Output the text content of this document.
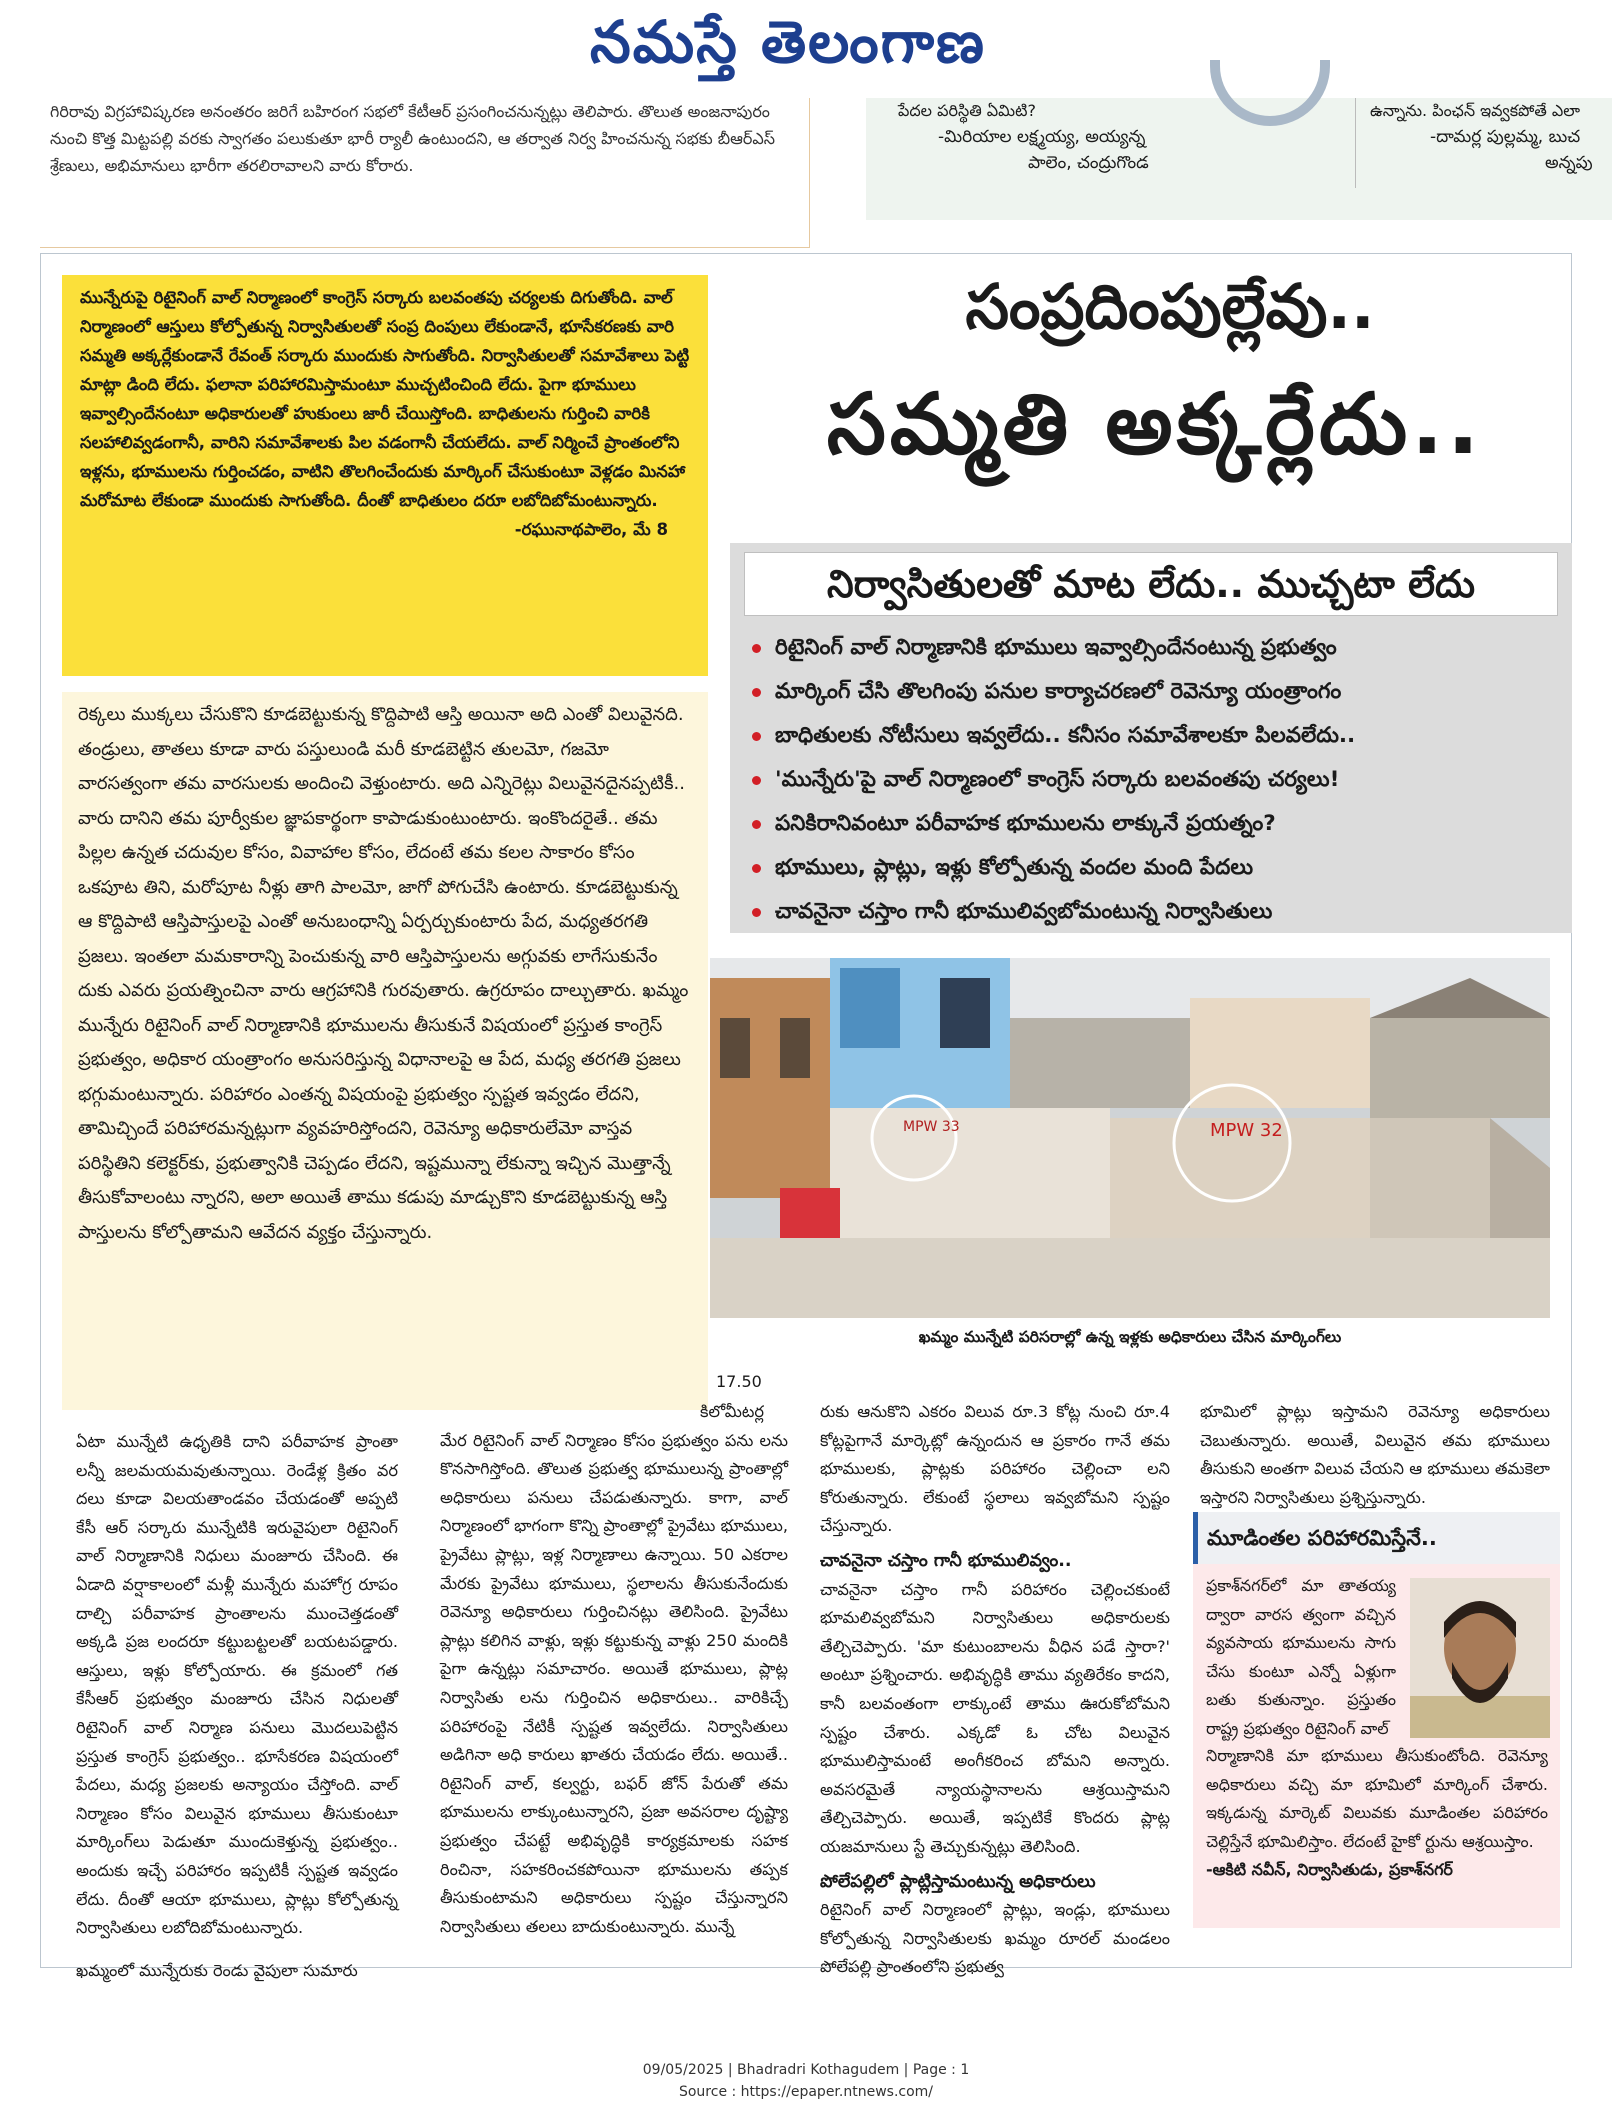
నమస్తే తెలంగాణ
గిరిరావు విగ్రహావిష్కరణ అనంతరం జరిగే బహిరంగ సభలో కేటీఆర్ ప్రసంగించనున్నట్లు తెలిపారు. తొలుత అంజనాపురం నుంచి కొత్త మిట్టపల్లి వరకు స్వాగతం పలుకుతూ భారీ ర్యాలీ ఉంటుందని, ఆ తర్వాత నిర్వ హించనున్న సభకు బీఆర్ఎస్ శ్రేణులు, అభిమానులు భారీగా తరలిరావాలని వారు కోరారు.
పేదల పరిస్థితి ఏమిటి?
-మిరియాల లక్ష్మయ్య, అయ్యన్న
పాలెం, చంద్రుగొండ
ఉన్నాను. పింఛన్ ఇవ్వకపోతే ఎలా
-దామర్ల పుల్లమ్మ, బుచ
అన్నపు

మున్నేరుపై రిటైనింగ్ వాల్ నిర్మాణంలో కాంగ్రెస్ సర్కారు బలవంతపు చర్యలకు దిగుతోంది. వాల్ నిర్మాణంలో ఆస్తులు కోల్పోతున్న నిర్వాసితులతో సంప్ర దింపులు లేకుండానే, భూసేకరణకు వారి సమ్మతి అక్కర్లేకుండానే రేవంత్ సర్కారు ముందుకు సాగుతోంది. నిర్వాసితులతో సమావేశాలు పెట్టి మాట్లా డింది లేదు. ఫలానా పరిహారమిస్తామంటూ ముచ్చటించింది లేదు. పైగా భూములు ఇవ్వాల్సిందేనంటూ అధికారులతో హుకుంలు జారీ చేయిస్తోంది. బాధితులను గుర్తించి వారికి సలహాలివ్వడంగానీ, వారిని సమావేశాలకు పిల వడంగానీ చేయలేదు. వాల్ నిర్మించే ప్రాంతంలోని ఇళ్లను, భూములను గుర్తించడం, వాటిని తొలగించేందుకు మార్కింగ్ చేసుకుంటూ వెళ్లడం మినహా మరోమాట లేకుండా ముందుకు సాగుతోంది. దీంతో బాధితులం దరూ లబోదిబోమంటున్నారు.

-రఘునాథపాలెం, మే 8

సంప్రదింపుల్లేవు..
సమ్మతి అక్కర్లేదు..
నిర్వాసితులతో మాట లేదు.. ముచ్చటా లేదు
రిటైనింగ్ వాల్ నిర్మాణానికి భూములు ఇవ్వాల్సిందేనంటున్న ప్రభుత్వం
మార్కింగ్ చేసి తొలగింపు పనుల కార్యాచరణలో రెవెన్యూ యంత్రాంగం
బాధితులకు నోటీసులు ఇవ్వలేదు.. కనీసం సమావేశాలకూ పిలవలేదు..
'మున్నేరు'పై వాల్ నిర్మాణంలో కాంగ్రెస్ సర్కారు బలవంతపు చర్యలు!
పనికిరానివంటూ పరీవాహక భూములను లాక్కునే ప్రయత్నం?
భూములు, ప్లాట్లు, ఇళ్లు కోల్పోతున్న వందల మంది పేదలు
చావనైనా చస్తాం గానీ భూములివ్వబోమంటున్న నిర్వాసితులు

రెక్కలు ముక్కలు చేసుకొని కూడబెట్టుకున్న కొద్దిపాటి ఆస్తి అయినా అది ఎంతో విలువైనది. తండ్రులు, తాతలు కూడా వారు పస్తులుండి మరీ కూడబెట్టిన తులమో, గజమో వారసత్వంగా తమ వారసులకు అందించి వెళ్తుంటారు. అది ఎన్నిరెట్లు విలువైనదైనప్పటికీ.. వారు దానిని తమ పూర్వీకుల జ్ఞాపకార్థంగా కాపాడుకుంటుంటారు. ఇంకొందరైతే.. తమ పిల్లల ఉన్నత చదువుల కోసం, వివాహాల కోసం, లేదంటే తమ కలల సాకారం కోసం ఒకపూట తిని, మరోపూట నీళ్లు తాగి పాలమో, జాగో పోగుచేసి ఉంటారు. కూడబెట్టుకున్న ఆ కొద్దిపాటి ఆస్తిపాస్తులపై ఎంతో అనుబంధాన్ని ఏర్పర్చుకుంటారు పేద, మధ్యతరగతి ప్రజలు. ఇంతలా మమకారాన్ని పెంచుకున్న వారి ఆస్తిపాస్తులను అగ్గువకు లాగేసుకునేం దుకు ఎవరు ప్రయత్నించినా వారు ఆగ్రహానికి గురవుతారు. ఉగ్రరూపం దాల్చుతారు. ఖమ్మం మున్నేరు రిటైనింగ్ వాల్ నిర్మాణానికి భూములను తీసుకునే విషయంలో ప్రస్తుత కాంగ్రెస్ ప్రభుత్వం, అధికార యంత్రాంగం అనుసరిస్తున్న విధానాలపై ఆ పేద, మధ్య తరగతి ప్రజలు భగ్గుమంటున్నారు. పరిహారం ఎంతన్న విషయంపై ప్రభుత్వం స్పష్టత ఇవ్వడం లేదని, తామిచ్చిందే పరిహారమన్నట్లుగా వ్యవహరిస్తోందని, రెవెన్యూ అధికారులేమో వాస్తవ పరిస్థితిని కలెక్టర్‌కు, ప్రభుత్వానికి చెప్పడం లేదని, ఇష్టమున్నా లేకున్నా ఇచ్చిన మొత్తాన్నే తీసుకోవాలంటు న్నారని, అలా అయితే తాము కడుపు మాడ్చుకొని కూడబెట్టుకున్న ఆస్తి పాస్తులను కోల్పోతామని ఆవేదన వ్యక్తం చేస్తున్నారు.

MPW 33	MPW 32
ఖమ్మం మున్నేటి పరిసరాల్లో ఉన్న ఇళ్లకు అధికారులు చేసిన మార్కింగ్‌లు
17.50

ఏటా మున్నేటి ఉధృతికి దాని పరీవాహక ప్రాంతా లన్నీ జలమయమవుతున్నాయి. రెండేళ్ల క్రితం వర దలు కూడా విలయతాండవం చేయడంతో అప్పటి కేసీ ఆర్ సర్కారు మున్నేటికి ఇరువైపులా రిటైనింగ్ వాల్ నిర్మాణానికి నిధులు మంజూరు చేసింది. ఈ ఏడాది వర్షాకాలంలో మళ్లీ మున్నేరు మహోగ్ర రూపం దాల్చి పరీవాహక ప్రాంతాలను ముంచెత్తడంతో అక్కడి ప్రజ లందరూ కట్టుబట్టలతో బయటపడ్డారు. ఆస్తులు, ఇళ్లు కోల్పోయారు. ఈ క్రమంలో గత కేసీఆర్ ప్రభుత్వం మంజూరు చేసిన నిధులతో రిటైనింగ్ వాల్ నిర్మాణ పనులు మొదలుపెట్టిన ప్రస్తుత కాంగ్రెస్ ప్రభుత్వం.. భూసేకరణ విషయంలో పేదలు, మధ్య ప్రజలకు అన్యాయం చేస్తోంది. వాల్ నిర్మాణం కోసం విలువైన భూములు తీసుకుంటూ మార్కింగ్‌లు పెడుతూ ముందుకెళ్తున్న ప్రభుత్వం.. అందుకు ఇచ్చే పరిహారం ఇప్పటికీ స్పష్టత ఇవ్వడం లేదు. దీంతో ఆయా భూములు, ప్లాట్లు కోల్పోతున్న నిర్వాసితులు లబోదిబోమంటున్నారు.

ఖమ్మంలో మున్నేరుకు రెండు వైపులా సుమారు

కిలోమీటర్ల

మేర రిటైనింగ్ వాల్ నిర్మాణం కోసం ప్రభుత్వం పను లను కొనసాగిస్తోంది. తొలుత ప్రభుత్వ భూములున్న ప్రాంతాల్లో అధికారులు పనులు చేపడుతున్నారు. కాగా, వాల్ నిర్మాణంలో భాగంగా కొన్ని ప్రాంతాల్లో ప్రైవేటు భూములు, ప్రైవేటు ప్లాట్లు, ఇళ్ల నిర్మాణాలు ఉన్నాయి. 50 ఎకరాల మేరకు ప్రైవేటు భూములు, స్థలాలను తీసుకునేందుకు రెవెన్యూ అధికారులు గుర్తించినట్లు తెలిసింది. ప్రైవేటు ప్లాట్లు కలిగిన వాళ్లు, ఇళ్లు కట్టుకున్న వాళ్లు 250 మందికి పైగా ఉన్నట్లు సమాచారం. అయితే భూములు, ప్లాట్ల నిర్వాసితు లను గుర్తించిన అధికారులు.. వారికిచ్చే పరిహారంపై నేటికీ స్పష్టత ఇవ్వలేదు. నిర్వాసితులు అడిగినా అధి కారులు ఖాతరు చేయడం లేదు. అయితే.. రిటైనింగ్ వాల్, కల్వర్టు, బఫర్ జోన్ పేరుతో తమ భూములను లాక్కుంటున్నారని, ప్రజా అవసరాల దృష్ట్యా ప్రభుత్వం చేపట్టే అభివృద్ధికి కార్యక్రమాలకు సహక రించినా, సహకరించకపోయినా భూములను తప్పక తీసుకుంటామని అధికారులు స్పష్టం చేస్తున్నారని నిర్వాసితులు తలలు బాదుకుంటున్నారు. మున్నే

రుకు ఆనుకొని ఎకరం విలువ రూ.3 కోట్ల నుంచి రూ.4 కోట్లపైగానే మార్కెట్లో ఉన్నందున ఆ ప్రకారం గానే తమ భూములకు, ప్లాట్లకు పరిహారం చెల్లించా లని కోరుతున్నారు. లేకుంటే స్థలాలు ఇవ్వబోమని స్పష్టం చేస్తున్నారు.

చావనైనా చస్తాం గానీ భూములివ్వం..

చావనైనా చస్తాం గానీ పరిహారం చెల్లించకుంటే భూమలివ్వబోమని నిర్వాసితులు అధికారులకు తేల్చిచెప్పారు. 'మా కుటుంబాలను వీధిన పడే స్తారా?' అంటూ ప్రశ్నించారు. అభివృద్ధికి తాము వ్యతిరేకం కాదని, కానీ బలవంతంగా లాక్కుంటే తాము ఊరుకోబోమని స్పష్టం చేశారు. ఎక్కడో ఓ చోట విలువైన భూములిస్తామంటే అంగీకరించ బోమని అన్నారు. అవసరమైతే న్యాయస్థానాలను ఆశ్రయిస్తామని తేల్చిచెప్పారు. అయితే, ఇప్పటికే కొందరు ప్లాట్ల యజమానులు స్టే తెచ్చుకున్నట్లు తెలిసింది.

పోలేపల్లిలో ప్లాట్లిస్తామంటున్న అధికారులు

రిటైనింగ్ వాల్ నిర్మాణంలో ప్లాట్లు, ఇండ్లు, భూములు కోల్పోతున్న నిర్వాసితులకు ఖమ్మం రూరల్ మండలం పోలేపల్లి ప్రాంతంలోని ప్రభుత్వ

భూమిలో ప్లాట్లు ఇస్తామని రెవెన్యూ అధికారులు చెబుతున్నారు. అయితే, విలువైన తమ భూములు తీసుకుని అంతగా విలువ చేయని ఆ భూములు తమకెలా ఇస్తారని నిర్వాసితులు ప్రశ్నిస్తున్నారు.

మూడింతల పరిహారమిస్తేనే..
ప్రకాశ్‌నగర్‌లో మా తాతయ్య ద్వారా వారస త్వంగా వచ్చిన వ్యవసాయ భూములను సాగు చేసు కుంటూ ఎన్నో ఏళ్లుగా బతు కుతున్నాం. ప్రస్తుతం రాష్ట్ర ప్రభుత్వం రిటైనింగ్ వాల్

నిర్మాణానికి మా భూములు తీసుకుంటోంది. రెవెన్యూ అధికారులు వచ్చి మా భూమిలో మార్కింగ్ చేశారు. ఇక్కడున్న మార్కెట్ విలువకు మూడింతల పరిహారం చెల్లిస్తేనే భూమిలిస్తాం. లేదంటే హైకో ర్టును ఆశ్రయిస్తాం.

-ఆకిటి నవీన్, నిర్వాసితుడు, ప్రకాశ్‌నగర్

09/05/2025 | Bhadradri Kothagudem | Page : 1
Source : https://epaper.ntnews.com/
